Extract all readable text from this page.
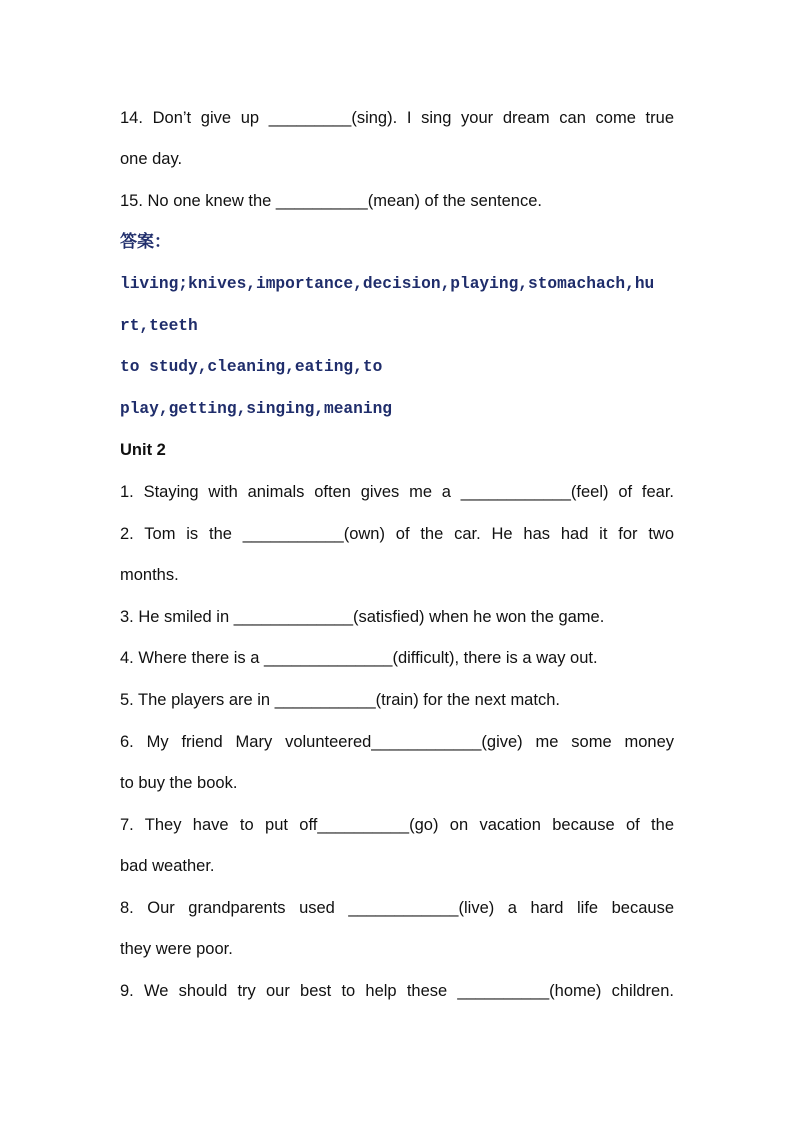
14. Don’t give up _________(sing). I sing your dream can come true
one day.
15. No one knew the __________(mean) of the sentence.
答案：
living;knives,importance,decision,playing,stomachach,hu
rt,teeth
to study,cleaning,eating,to
play,getting,singing,meaning
Unit 2
1. Staying with animals often gives me a ____________(feel) of fear.
2. Tom is the ___________(own) of the car. He has had it for two
months.
3. He smiled in _____________(satisfied) when he won the game.
4. Where there is a ______________(difficult), there is a way out.
5. The players are in ___________(train) for the next match.
6. My friend Mary volunteered____________(give) me some money
to buy the book.
7. They have to put off__________(go) on vacation because of the
bad weather.
8. Our grandparents used ____________(live) a hard life because
they were poor.
9. We should try our best to help these __________(home) children.
